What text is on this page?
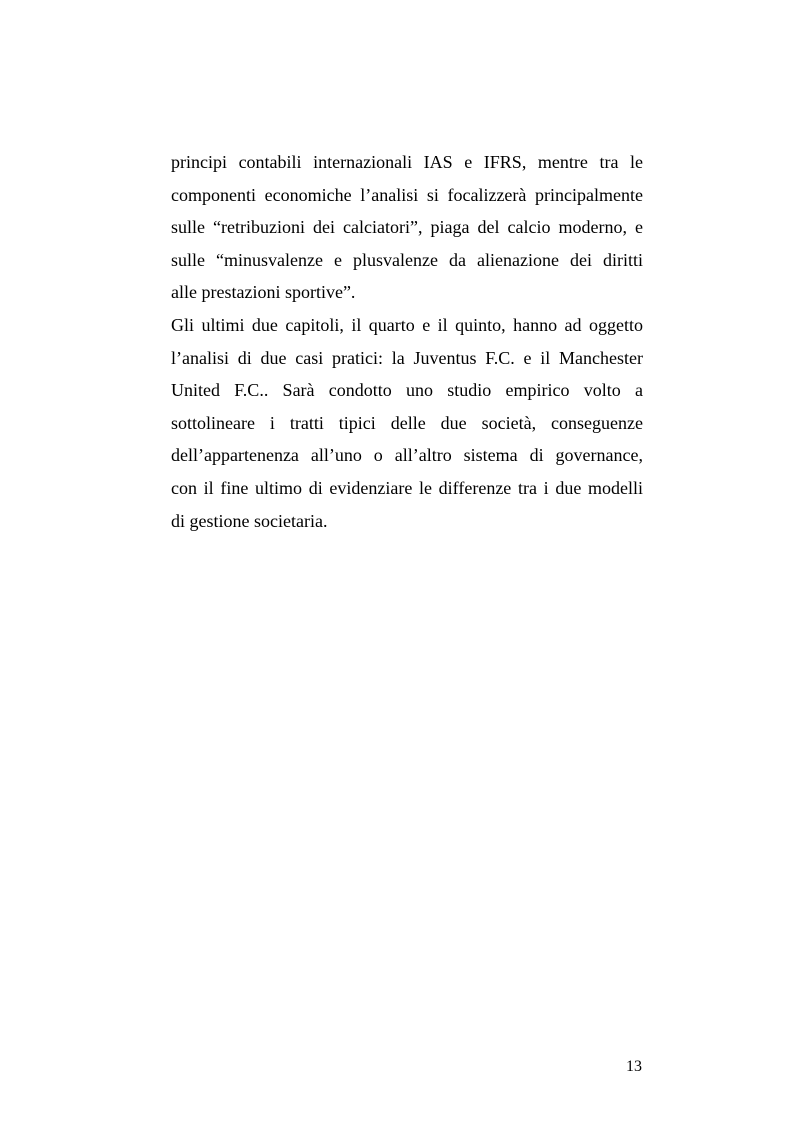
principi contabili internazionali IAS e IFRS, mentre tra le
componenti economiche l’analisi si focalizzerà principalmente
sulle “retribuzioni dei calciatori”, piaga del calcio moderno, e
sulle “minusvalenze e plusvalenze da alienazione dei diritti
alle prestazioni sportive”.
Gli ultimi due capitoli, il quarto e il quinto, hanno ad oggetto
l’analisi di due casi pratici: la Juventus F.C. e il Manchester
United F.C.. Sarà condotto uno studio empirico volto a
sottolineare i tratti tipici delle due società, conseguenze
dell’appartenenza all’uno o all’altro sistema di governance,
con il fine ultimo di evidenziare le differenze tra i due modelli
di gestione societaria.
13
